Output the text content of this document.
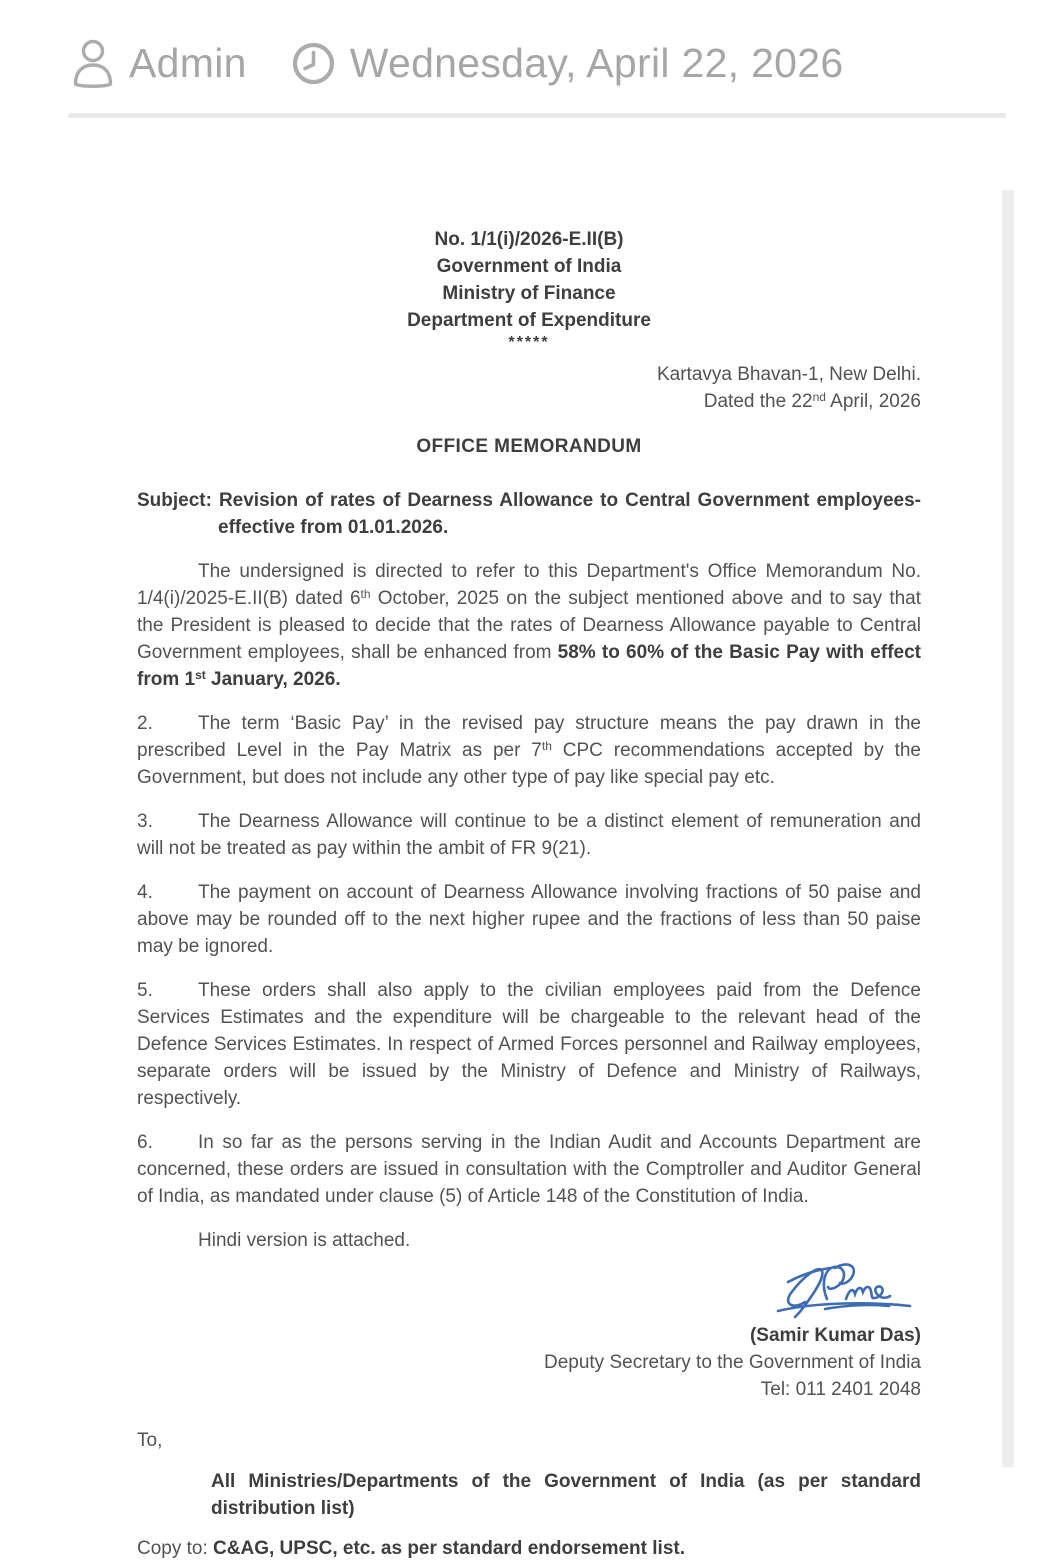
Admin	Wednesday, April 22, 2026
No. 1/1(i)/2026-E.II(B)
Government of India
Ministry of Finance
Department of Expenditure
*****
Kartavya Bhavan-1, New Delhi.
Dated the 22nd April, 2026
OFFICE MEMORANDUM
Subject: Revision of rates of Dearness Allowance to Central Government employees-
effective from 01.01.2026.

The undersigned is directed to refer to this Department's Office Memorandum No. 1/4(i)/2025-E.II(B) dated 6th October, 2025 on the subject mentioned above and to say that the President is pleased to decide that the rates of Dearness Allowance payable to Central Government employees, shall be enhanced from 58% to 60% of the Basic Pay with effect from 1st January, 2026.

2. The term ‘Basic Pay’ in the revised pay structure means the pay drawn in the prescribed Level in the Pay Matrix as per 7th CPC recommendations accepted by the Government, but does not include any other type of pay like special pay etc.

3. The Dearness Allowance will continue to be a distinct element of remuneration and will not be treated as pay within the ambit of FR 9(21).

4. The payment on account of Dearness Allowance involving fractions of 50 paise and above may be rounded off to the next higher rupee and the fractions of less than 50 paise may be ignored.

5. These orders shall also apply to the civilian employees paid from the Defence Services Estimates and the expenditure will be chargeable to the relevant head of the Defence Services Estimates. In respect of Armed Forces personnel and Railway employees, separate orders will be issued by the Ministry of Defence and Ministry of Railways, respectively.

6. In so far as the persons serving in the Indian Audit and Accounts Department are concerned, these orders are issued in consultation with the Comptroller and Auditor General of India, as mandated under clause (5) of Article 148 of the Constitution of India.

Hindi version is attached.

(Samir Kumar Das)
Deputy Secretary to the Government of India
Tel: 011 2401 2048
To,
All Ministries/Departments of the Government of India (as per standard distribution list)
Copy to: C&AG, UPSC, etc. as per standard endorsement list.
